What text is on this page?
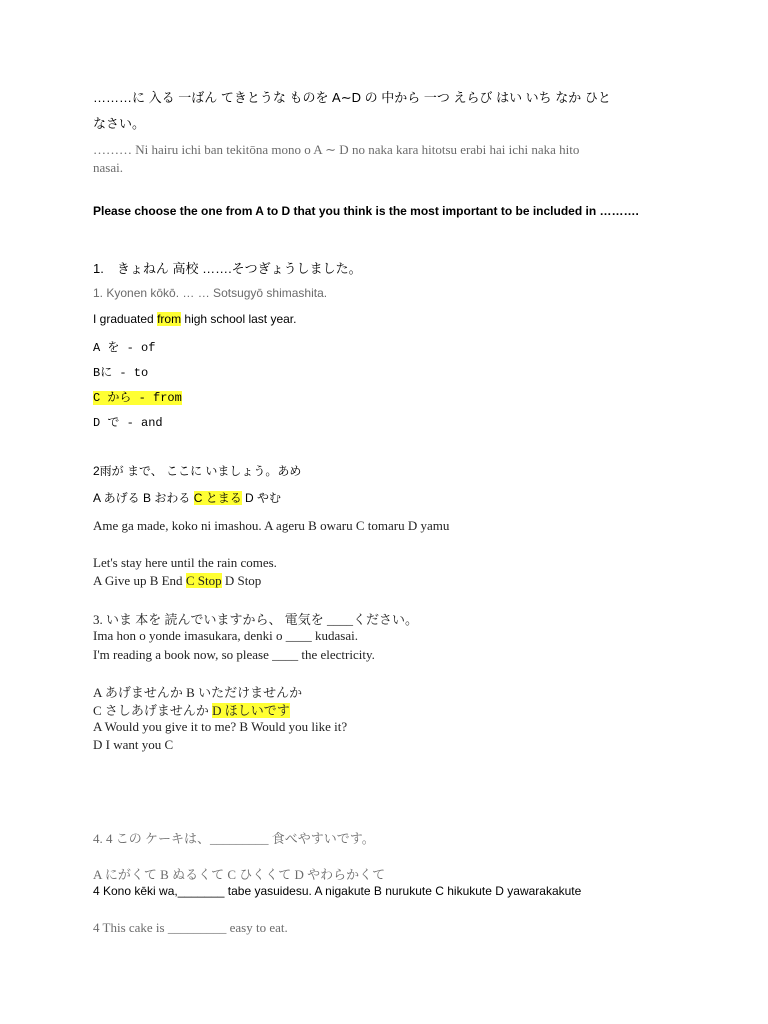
………に 入る 一ばん てきとうな ものを A∼D の 中から 一つ えらび はい いち なか ひと
なさい。
……… Ni hairu ichi ban tekitōna mono o A ∼ D no naka kara hitotsu erabi hai ichi naka hito
nasai.
Please choose the one from A to D that you think is the most important to be included in ……….
1.　きょねん 高校 …….そつぎょうしました。
1. Kyonen kōkō. … … Sotsugyō shimashita.
I graduated from high school last year.
A を - of
Bに - to
C から - from
D で - and
2雨が まで、 ここに いましょう。あめ
A あげる B おわる C とまる D やむ
Ame ga made, koko ni imashou. A ageru B owaru C tomaru D yamu
Let's stay here until the rain comes.
A Give up B End C Stop D Stop
3. いま 本を 読んでいますから、 電気を ____ください。
Ima hon o yonde imasukara, denki o ____ kudasai.
I'm reading a book now, so please ____ the electricity.
A あげませんか B いただけませんか
C さしあげませんか D ほしいです
A Would you give it to me? B Would you like it?
D I want you C
4. 4 この ケーキは、_________ 食べやすいです。
A にがくて B ぬるくて C ひくくて D やわらかくて
4 Kono kēki wa,_______ tabe yasuidesu. A nigakute B nurukute C hikukute D yawarakakute
4 This cake is _________ easy to eat.
